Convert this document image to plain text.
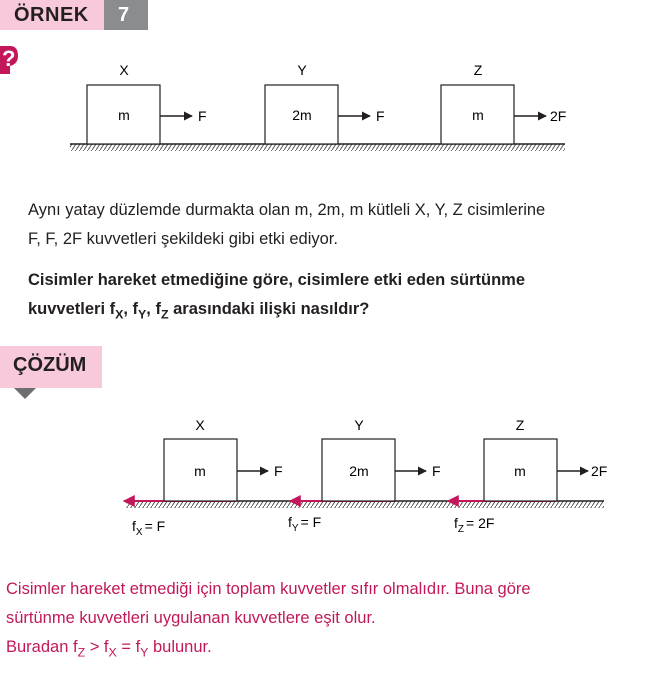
ÖRNEK 7
?	X
m	F
Y
2m	F
Z
m	2F
Aynı yatay düzlemde durmakta olan m, 2m, m kütleli X, Y, Z cisimlerine
F, F, 2F kuvvetleri şekildeki gibi etki ediyor.
Cisimler hareket etmediğine göre, cisimlere etki eden sürtünme
kuvvetleri $f_X$, $f_Y$, $f_Z$ arasındaki ilişki nasıldır?
ÇÖZÜM
X
m	F
Y
2m	F
Z
m	2F
$f_X = F$	$f_Y = F$	$f_Z = 2F$
Cisimler hareket etmediği için toplam kuvvetler sıfır olmalıdır. Buna göre
sürtünme kuvvetleri uygulanan kuvvetlere eşit olur.
Buradan $f_Z > f_X = f_Y$ bulunur.
